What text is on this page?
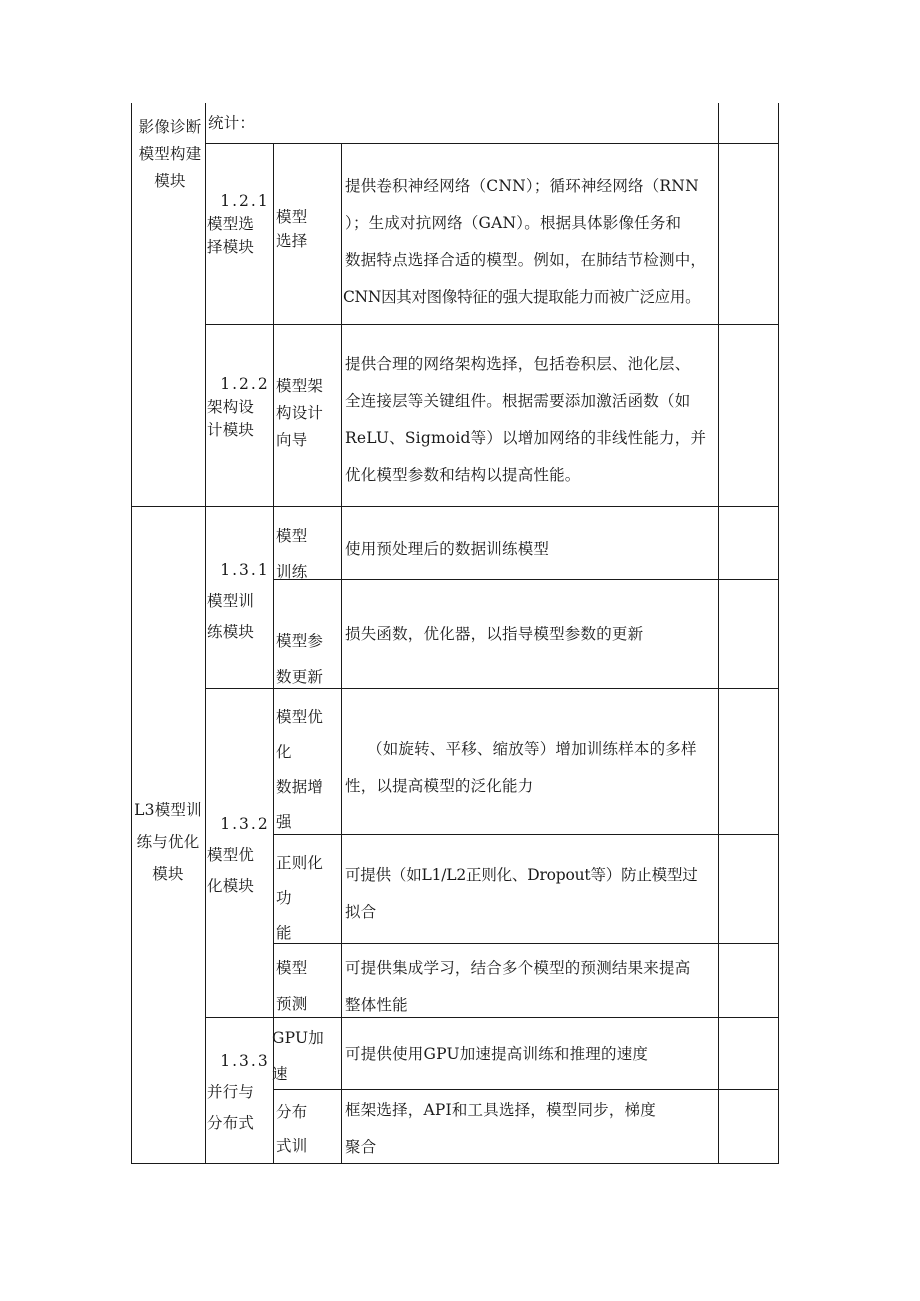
影像诊断
模型构建
模块
统计：
1.2.1
模型选
择模块
模型
选择
提供卷积神经网络（CNN）；循环神经网络（RNN
）；生成对抗网络（GAN）。根据具体影像任务和
数据特点选择合适的模型。例如，在肺结节检测中，
CNN因其对图像特征的强大提取能力而被广泛应用。
1.2.2
架构设
计模块
模型架
构设计
向导
提供合理的网络架构选择，包括卷积层、池化层、
全连接层等关键组件。根据需要添加激活函数（如
ReLU、Sigmoid等）以增加网络的非线性能力，并
优化模型参数和结构以提高性能。
L3模型训
练与优化
模块
1.3.1
模型训
练模块
模型
训练
使用预处理后的数据训练模型
模型参
数更新
损失函数，优化器，以指导模型参数的更新
1.3.2
模型优
化模块
模型优
化
数据增
强
（如旋转、平移、缩放等）增加训练样本的多样
性，以提高模型的泛化能力
正则化
功
能
可提供（如L1/L2正则化、Dropout等）防止模型过
拟合
模型
预测
可提供集成学习，结合多个模型的预测结果来提高
整体性能
1.3.3
并行与
分布式
GPU加
速
可提供使用GPU加速提高训练和推理的速度
分布
式训
框架选择，API和工具选择，模型同步，梯度
聚合
